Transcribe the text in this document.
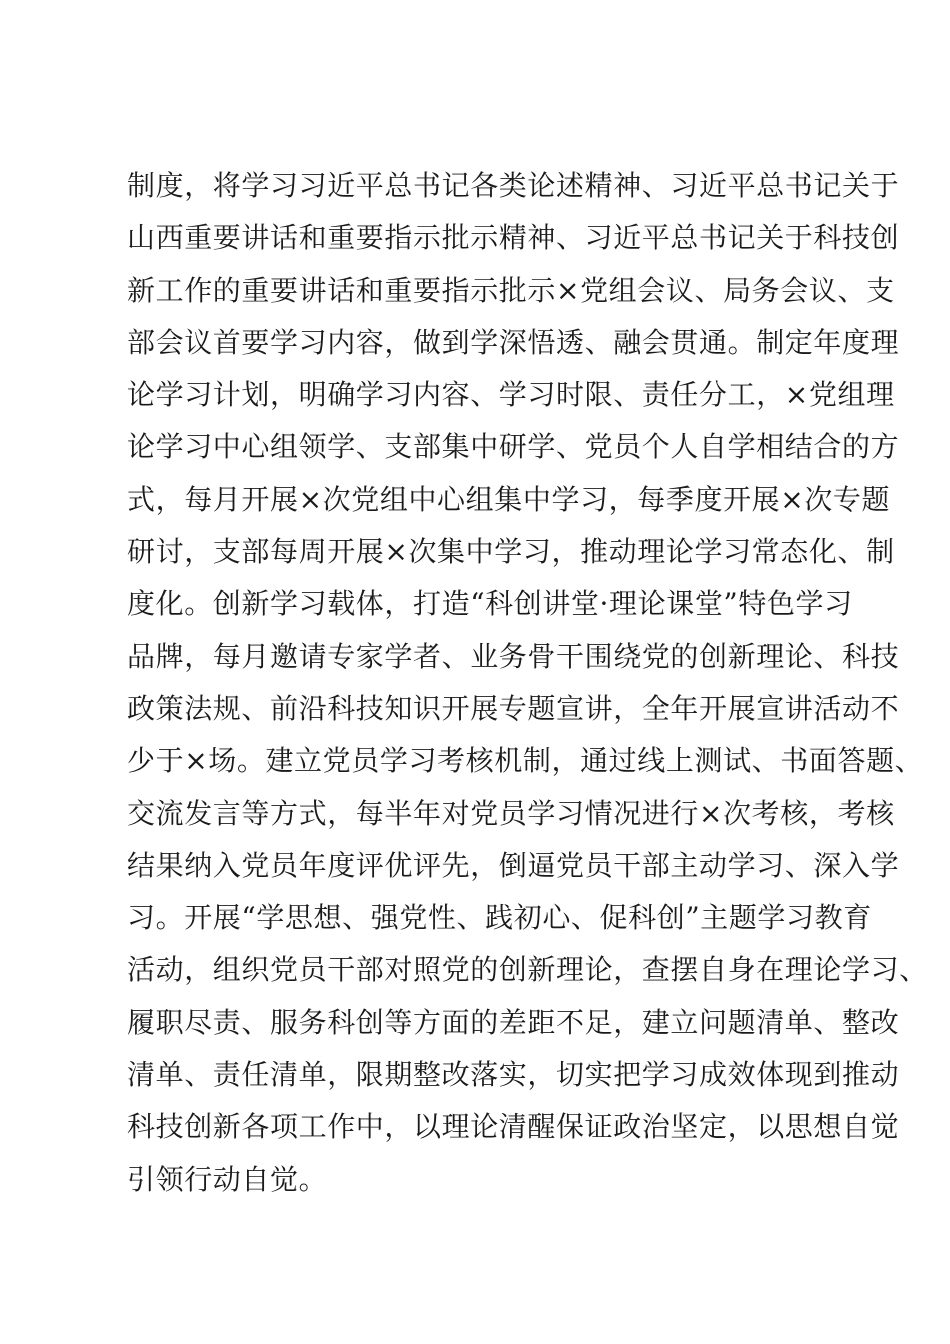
制度，将学习习近平总书记各类论述精神、习近平总书记关于
山西重要讲话和重要指示批示精神、习近平总书记关于科技创
新工作的重要讲话和重要指示批示×党组会议、局务会议、支
部会议首要学习内容，做到学深悟透、融会贯通。制定年度理
论学习计划，明确学习内容、学习时限、责任分工，×党组理
论学习中心组领学、支部集中研学、党员个人自学相结合的方
式，每月开展×次党组中心组集中学习，每季度开展×次专题
研讨，支部每周开展×次集中学习，推动理论学习常态化、制
度化。创新学习载体，打造“科创讲堂·理论课堂”特色学习
品牌，每月邀请专家学者、业务骨干围绕党的创新理论、科技
政策法规、前沿科技知识开展专题宣讲，全年开展宣讲活动不
少于×场。建立党员学习考核机制，通过线上测试、书面答题、
交流发言等方式，每半年对党员学习情况进行×次考核，考核
结果纳入党员年度评优评先，倒逼党员干部主动学习、深入学
习。开展“学思想、强党性、践初心、促科创”主题学习教育
活动，组织党员干部对照党的创新理论，查摆自身在理论学习、
履职尽责、服务科创等方面的差距不足，建立问题清单、整改
清单、责任清单，限期整改落实，切实把学习成效体现到推动
科技创新各项工作中，以理论清醒保证政治坚定，以思想自觉
引领行动自觉。
